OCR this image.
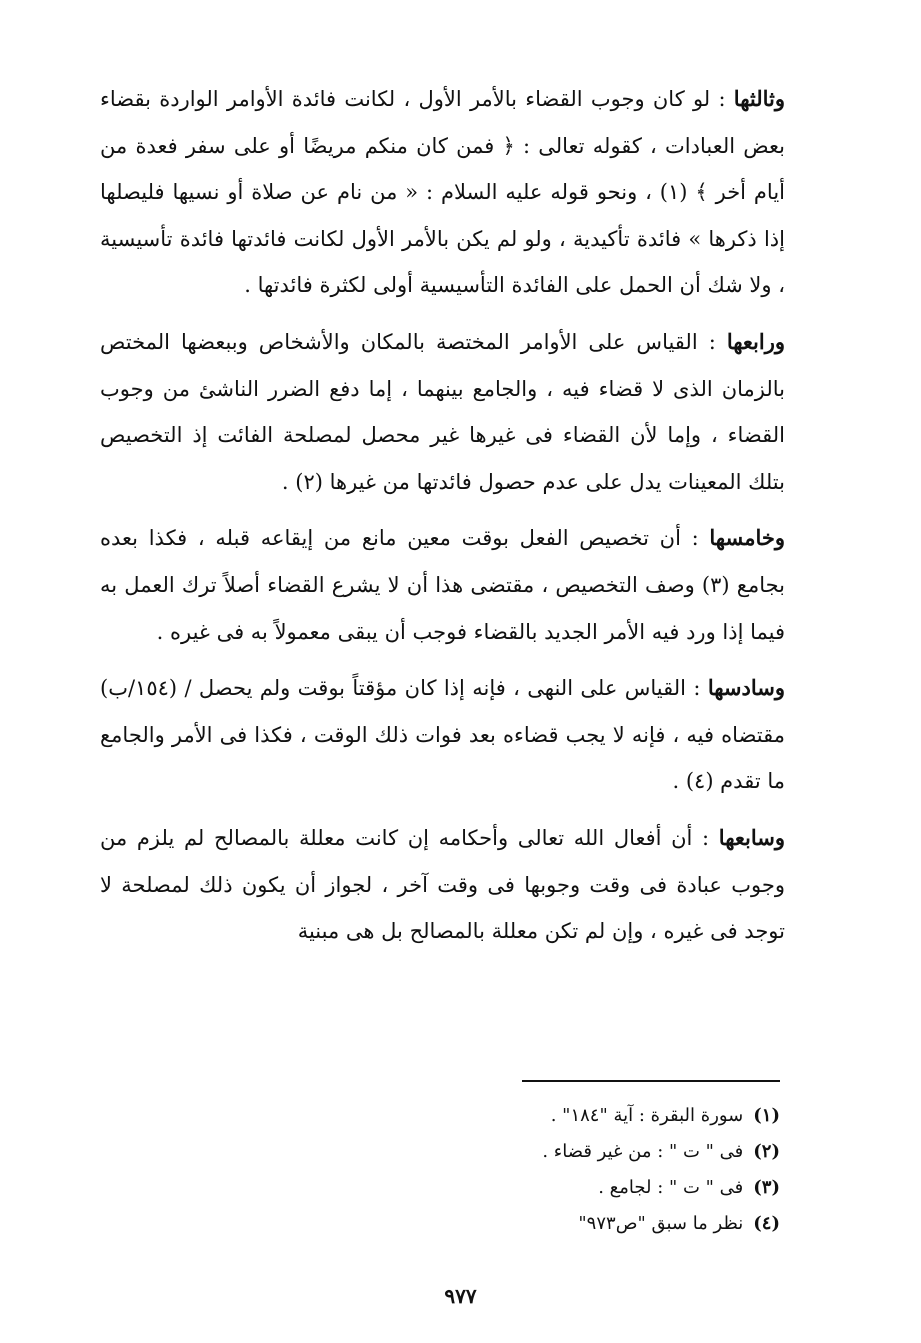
وثالثها : لو كان وجوب القضاء بالأمر الأول ، لكانت فائدة الأوامر الواردة بقضاء بعض العبادات ، كقوله تعالى : ﴿ فمن كان منكم مريضًا أو على سفر فعدة من أيام أخر ﴾ (١) ، ونحو قوله عليه السلام : « من نام عن صلاة أو نسيها فليصلها إذا ذكرها » فائدة تأكيدية ، ولو لم يكن بالأمر الأول لكانت فائدتها فائدة تأسيسية ، ولا شك أن الحمل على الفائدة التأسيسية أولى لكثرة فائدتها .

ورابعها : القياس على الأوامر المختصة بالمكان والأشخاص وببعضها المختص بالزمان الذى لا قضاء فيه ، والجامع بينهما ، إما دفع الضرر الناشئ من وجوب القضاء ، وإما لأن القضاء فى غيرها غير محصل لمصلحة الفائت إذ التخصيص بتلك المعينات يدل على عدم حصول فائدتها من غيرها (٢) .

وخامسها : أن تخصيص الفعل بوقت معين مانع من إيقاعه قبله ، فكذا بعده بجامع (٣) وصف التخصيص ، مقتضى هذا أن لا يشرع القضاء أصلاً ترك العمل به فيما إذا ورد فيه الأمر الجديد بالقضاء فوجب أن يبقى معمولاً به فى غيره .

وسادسها : القياس على النهى ، فإنه إذا كان مؤقتاً بوقت ولم يحصل / (١٥٤/ب) مقتضاه فيه ، فإنه لا يجب قضاءه بعد فوات ذلك الوقت ، فكذا فى الأمر والجامع ما تقدم (٤) .

وسابعها : أن أفعال الله تعالى وأحكامه إن كانت معللة بالمصالح لم يلزم من وجوب عبادة فى وقت وجوبها فى وقت آخر ، لجواز أن يكون ذلك لمصلحة لا توجد فى غيره ، وإن لم تكن معللة بالمصالح بل هى مبنية

(١)سورة البقرة : آية "١٨٤" .
(٢)فى " ت " : من غير قضاء .
(٣)فى " ت " : لجامع .
(٤)نظر ما سبق "ص٩٧٣"
٩٧٧
